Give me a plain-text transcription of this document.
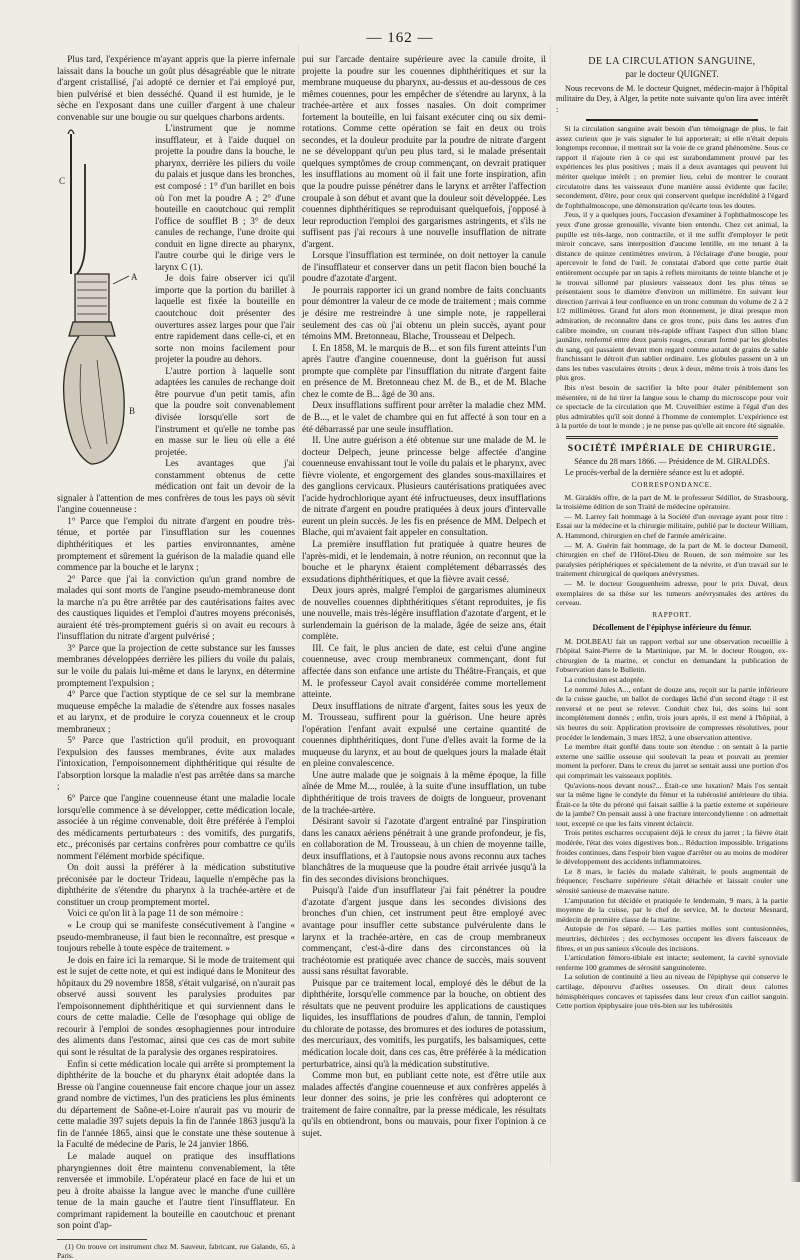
— 162 —

Plus tard, l'expérience m'ayant appris que la pierre infernale laissait dans la bouche un goût plus désagréable que le nitrate d'argent cristallisé, j'ai adopté ce dernier et l'ai employé pur, bien pulvérisé et bien desséché. Quand il est humide, je le sèche en l'exposant dans une cuiller d'argent à une chaleur convenable sur une bougie ou sur quelques charbons ardents.

A
B
C

L'instrument que je nomme insufflateur, et à l'aide duquel on projette la poudre dans la bouche, le pharynx, derrière les piliers du voile du palais et jusque dans les bronches, est composé : 1° d'un barillet en bois où l'on met la poudre A ; 2° d'une bouteille en caoutchouc qui remplit l'office de soufflet B ; 3° de deux canules de rechange, l'une droite qui conduit en ligne directe au pharynx, l'autre courbe qui le dirige vers le larynx C (1).

Je dois faire observer ici qu'il importe que la portion du barillet à laquelle est fixée la bouteille en caoutchouc doit présenter des ouvertures assez larges pour que l'air entre rapidement dans celle-ci, et en sorte non moins facilement pour projeter la poudre au dehors.

L'autre portion à laquelle sont adaptées les canules de rechange doit être pourvue d'un petit tamis, afin que la poudre soit convenablement divisée lorsqu'elle sort de l'instrument et qu'elle ne tombe pas en masse sur le lieu où elle a été projetée.

Les avantages que j'ai constamment obtenus de cette médication ont fait un devoir de la signaler à l'attention de mes confrères de tous les pays où sévit l'angine couenneuse :

1° Parce que l'emploi du nitrate d'argent en poudre très-ténue, et portée par l'insufflation sur les couennes diphthéritiques et les parties environnantes, amène promptement et sûrement la guérison de la maladie quand elle commence par la bouche et le larynx ;

2° Parce que j'ai la conviction qu'un grand nombre de malades qui sont morts de l'angine pseudo-membraneuse dont la marche n'a pu être arrêtée par des cautérisations faites avec des caustiques liquides et l'emploi d'autres moyens préconisés, auraient été très-promptement guéris si on avait eu recours à l'insufflation du nitrate d'argent pulvérisé ;

3° Parce que la projection de cette substance sur les fausses membranes développées derrière les piliers du voile du palais, sur le voile du palais lui-même et dans le larynx, en détermine promptement l'expulsion ;

4° Parce que l'action styptique de ce sel sur la membrane muqueuse empêche la maladie de s'étendre aux fosses nasales et au larynx, et de produire le coryza couenneux et le croup membraneux ;

5° Parce que l'astriction qu'il produit, en provoquant l'expulsion des fausses membranes, évite aux malades l'intoxication, l'empoisonnement diphthéritique qui résulte de l'absorption lorsque la maladie n'est pas arrêtée dans sa marche ;

6° Parce que l'angine couenneuse étant une maladie locale lorsqu'elle commence à se développer, cette médication locale, associée à un régime convenable, doit être préférée à l'emploi des médicaments perturbateurs : des vomitifs, des purgatifs, etc., préconisés par certains confrères pour combattre ce qu'ils nomment l'élément morbide spécifique.

On doit aussi la préférer à la médication substitutive préconisée par le docteur Trideau, laquelle n'empêche pas la diphthérite de s'étendre du pharynx à la trachée-artère et de constituer un croup promptement mortel.

Voici ce qu'on lit à la page 11 de son mémoire :

« Le croup qui se manifeste consécutivement à l'angine « pseudo-membraneuse, il faut bien le reconnaître, est presque « toujours rebelle à toute espèce de traitement. »

Je dois en faire ici la remarque. Si le mode de traitement qui est le sujet de cette note, et qui est indiqué dans le Moniteur des hôpitaux du 29 novembre 1858, s'était vulgarisé, on n'aurait pas observé aussi souvent les paralysies produites par l'empoisonnement diphthéritique et qui surviennent dans le cours de cette maladie. Celle de l'œsophage qui oblige de recourir à l'emploi de sondes œsophagiennes pour introduire des aliments dans l'estomac, ainsi que ces cas de mort subite qui sont le résultat de la paralysie des organes respiratoires.

Enfin si cette médication locale qui arrête si promptement la diphthérite de la bouche et du pharynx était adoptée dans la Bresse où l'angine couenneuse fait encore chaque jour un assez grand nombre de victimes, l'un des praticiens les plus éminents du département de Saône-et-Loire n'aurait pas vu mourir de cette maladie 397 sujets depuis la fin de l'année 1863 jusqu'à la fin de l'année 1865, ainsi que le constate une thèse soutenue à la Faculté de médecine de Paris, le 24 janvier 1866.

Le malade auquel on pratique des insufflations pharyngiennes doit être maintenu convenablement, la tête renversée et immobile. L'opérateur placé en face de lui et un peu à droite abaisse la langue avec le manche d'une cuillère tenue de la main gauche et l'autre tient l'insufflateur. En comprimant rapidement la bouteille en caoutchouc et prenant son point d'ap-

(1) On trouve cet instrument chez M. Sauveur, fabricant, rue Galande, 65, à Paris.

pui sur l'arcade dentaire supérieure avec la canule droite, il projette la poudre sur les couennes diphthéritiques et sur la membrane muqueuse du pharynx, au-dessus et au-dessous de ces mêmes couennes, pour les empêcher de s'étendre au larynx, à la trachée-artère et aux fosses nasales. On doit comprimer fortement la bouteille, en lui faisant exécuter cinq ou six demi-rotations. Comme cette opération se fait en deux ou trois secondes, et la douleur produite par la poudre de nitrate d'argent ne se développant qu'un peu plus tard, si le malade présentait quelques symptômes de croup commençant, on devrait pratiquer les insufflations au moment où il fait une forte inspiration, afin que la poudre puisse pénétrer dans le larynx et arrêter l'affection croupale à son début et avant que la douleur soit développée. Les couennes diphthéritiques se reproduisant quelquefois, j'opposé à leur reproduction l'emploi des gargarismes astringents, et s'ils ne suffisent pas j'ai recours à une nouvelle insufflation de nitrate d'argent.

Lorsque l'insufflation est terminée, on doit nettoyer la canule de l'insufflateur et conserver dans un petit flacon bien bouché la poudre d'azotate d'argent.

Je pourrais rapporter ici un grand nombre de faits concluants pour démontrer la valeur de ce mode de traitement ; mais comme je désire me restreindre à une simple note, je rappellerai seulement des cas où j'ai obtenu un plein succès, ayant pour témoins MM. Bretonneau, Blache, Trousseau et Delpech.

I. En 1858, M. le marquis de B... et son fils furent atteints l'un après l'autre d'angine couenneuse, dont la guérison fut aussi prompte que complète par l'insufflation du nitrate d'argent faite en présence de M. Bretonneau chez M. de B., et de M. Blache chez le comte de B... âgé de 30 ans.

Deux insufflations suffirent pour arrêter la maladie chez MM. de B..., et le valet de chambre qui en fut affecté à son tour en a été débarrassé par une seule insufflation.

II. Une autre guérison a été obtenue sur une malade de M. le docteur Delpech, jeune princesse belge affectée d'angine couenneuse envahissant tout le voile du palais et le pharynx, avec fièvre violente, et engorgement des glandes sous-maxillaires et des ganglions cervicaux. Plusieurs cautérisations pratiquées avec l'acide hydrochlorique ayant été infructueuses, deux insufflations de nitrate d'argent en poudre pratiquées à deux jours d'intervalle eurent un plein succès. Je les fis en présence de MM. Delpech et Blache, qui m'avaient fait appeler en consultation.

La première insufflation fut pratiquée à quatre heures de l'après-midi, et le lendemain, à notre réunion, on reconnut que la bouche et le pharynx étaient complétement débarrassés des exsudations diphthéritiques, et que la fièvre avait cessé.

Deux jours après, malgré l'emploi de gargarismes alumineux de nouvelles couennes diphthéritiques s'étant reproduites, je fis une nouvelle, mais très-légère insufflation d'azotate d'argent, et le surlendemain la guérison de la malade, âgée de seize ans, était complète.

III. Ce fait, le plus ancien de date, est celui d'une angine couenneuse, avec croup membraneux commençant, dont fut affectée dans son enfance une artiste du Théâtre-Français, et que M. le professeur Cayol avait considérée comme mortellement atteinte.

Deux insufflations de nitrate d'argent, faites sous les yeux de M. Trousseau, suffirent pour la guérison. Une heure après l'opération l'enfant avait expulsé une certaine quantité de couennes diphthéritiques, dont l'une d'elles avait la forme de la muqueuse du larynx, et au bout de quelques jours la malade était en pleine convalescence.

Une autre malade que je soignais à la même époque, la fille aînée de Mme M..., roulée, à la suite d'une insufflation, un tube diphthéritique de trois travers de doigts de longueur, provenant de la trachée-artère.

Désirant savoir si l'azotate d'argent entraîné par l'inspiration dans les canaux aériens pénétrait à une grande profondeur, je fis, en collaboration de M. Trousseau, à un chien de moyenne taille, deux insufflations, et à l'autopsie nous avons reconnu aux taches blanchâtres de la muqueuse que la poudre était arrivée jusqu'à la fin des secondes divisions bronchiques.

Puisqu'à l'aide d'un insufflateur j'ai fait pénétrer la poudre d'azotate d'argent jusque dans les secondes divisions des bronches d'un chien, cet instrument peut être employé avec avantage pour insuffler cette substance pulvérulente dans le larynx et la trachée-artère, en cas de croup membraneux commençant, c'est-à-dire dans des circonstances où la trachéotomie est pratiquée avec chance de succès, mais souvent aussi sans résultat favorable.

Puisque par ce traitement local, employé dès le début de la diphthérite, lorsqu'elle commence par la bouche, on obtient des résultats que ne peuvent produire les applications de caustiques liquides, les insufflations de poudres d'alun, de tannin, l'emploi du chlorate de potasse, des bromures et des iodures de potassium, des mercuriaux, des vomitifs, les purgatifs, les balsamiques, cette médication locale doit, dans ces cas, être préférée à la médication perturbatrice, ainsi qu'à la médication substitutive.

Comme mon but, en publiant cette note, est d'être utile aux malades affectés d'angine couenneuse et aux confrères appelés à leur donner des soins, je prie les confrères qui adopteront ce traitement de faire connaître, par la presse médicale, les résultats qu'ils en obtiendront, bons ou mauvais, pour fixer l'opinion à ce sujet.

DE LA CIRCULATION SANGUINE,
par le docteur QUIGNET.

Nous recevons de M. le docteur Quignet, médecin-major à l'hôpital militaire du Dey, à Alger, la petite note suivante qu'on lira avec intérêt :

Si la circulation sanguine avait besoin d'un témoignage de plus, le fait assez curieux que je vais signaler le lui apporterait; si elle n'était depuis longtemps reconnue, il mettrait sur la voie de ce grand phénomène. Sous ce rapport il n'ajoute rien à ce qui est surabondamment prouvé par les expériences les plus positives ; mais il a deux avantages qui peuvent lui mériter quelque intérêt ; en premier lieu, celui de montrer le courant circulatoire dans les vaisseaux d'une manière aussi évidente que facile; secondement, d'être, pour ceux qui conservent quelque incrédulité à l'égard de l'ophthalmoscope, une démonstration qu'écarte tous les doutes.

J'eus, il y a quelques jours, l'occasion d'examiner à l'ophthalmoscope les yeux d'une grosse grenouille, vivante bien entendu. Chez cet animal, la pupille est très-large, non contractile, et il me suffit d'employer le petit miroir concave, sans interposition d'aucune lentille, en me tenant à la distance de quinze centimètres environ, à l'éclairage d'une bougie, pour apercevoir le fond de l'œil. Je constatai d'abord que cette partie était entièrement occupée par un tapis à reflets miroitants de teinte blanche et je le trouvai sillonné par plusieurs vaisseaux dont les plus ténus se présentaient sous le diamètre d'environ un millimètre. En suivant leur direction j'arrivai à leur confluence en un tronc commun du volume de 2 à 2 1/2 millimètres. Grand fut alors mon étonnement, je dirai presque mon admiration, de reconnaître dans ce gros tronc, puis dans les autres d'un calibre moindre, un courant très-rapide offrant l'aspect d'un sillon blanc jaunâtre, renfermé entre deux parois rouges, courant formé par les globules du sang, qui passaient devant mon regard comme autant de grains de sable franchissant le détroit d'un sablier ordinaire. Les globules passent un à un dans les tubes vasculaires étroits ; deux à deux, même trois à trois dans les plus gros.

Ibis n'est besoin de sacrifier la bête pour étaler péniblement son mésentère, ni de lui tirer la langue sous le champ du microscope pour voir ce spectacle de la circulation que M. Cruveilhier estime à l'égal d'un des plus admirables qu'il soit donné à l'homme de contempler. L'expérience est à la portée de tout le monde ; je ne pense pas qu'elle ait encore été signalée.

SOCIÉTÉ IMPÉRIALE DE CHIRURGIE.

Séance du 28 mars 1866. — Présidence de M. GIRALDÈS.

Le procès-verbal de la dernière séance est lu et adopté.

CORRESPONDANCE.

M. Giraldès offre, de la part de M. le professeur Sédillot, de Strasbourg, la troisième édition de son Traité de médecine opératoire.

— M. Larrey fait hommage à la Société d'un ouvrage ayant pour titre : Essai sur la médecine et la chirurgie militaire, publié par le docteur William, A. Hammond, chirurgien en chef de l'armée américaine.

— M. A. Guérin fait hommage, de la part de M. le docteur Dumenil, chirurgien en chef de l'Hôtel-Dieu de Rouen, de son mémoire sur les paralysies périphériques et spécialement de la névrite, et d'un travail sur le traitement chirurgical de quelques anévrysmes.

— M. le docteur Gouguenheim adresse, pour le prix Duval, deux exemplaires de sa thèse sur les tumeurs anévrysmales des artères du cerveau.

RAPPORT.
Décollement de l'épiphyse inférieure du fémur.

M. DOLBEAU fait un rapport verbal sur une observation recueillie à l'hôpital Saint-Pierre de la Martinique, par M. le docteur Rougon, ex-chirurgien de la marine, et conclut en demandant la publication de l'observation dans le Bulletin.

La conclusion est adoptée.

Le nommé Jules A..., enfant de douze ans, reçoit sur la partie inférieure de la cuisse gauche, un ballot de cordages lâché d'un second étage : il est renversé et ne peut se relever. Conduit chez lui, des soins lui sont incomplètement donnés ; enfin, trois jours après, il est mené à l'hôpital, à six heures du soir. Application provisoire de compresses résolutives, pour procéder le lendemain, 3 mars 1852, à une observation attentive.

Le membre était gonflé dans toute son étendue : on sentait à la partie externe une saillie osseuse qui soulevait la peau et pouvait au premier moment la perforer. Dans le creux du jarret se sentait aussi une portion d'os qui comprimait les vaisseaux poplités.

Qu'avions-nous devant nous?... Était-ce une luxation? Mais l'os sentait sur la même ligne le condyle du fémur et la tubérosité antérieure du tibia. Était-ce la tête du péroné qui faisait saillie à la partie externe et supérieure de la jambe? On pensait aussi à une fracture intercondylienne : on admettait tout, excepté ce que les faits vinrent éclaircir.

Trois petites escharres occupaient déjà le creux du jarret ; la fièvre était modérée, l'état des voies digestives bon... Réduction impossible. Irrigations froides continues, dans l'espoir bien vague d'arrêter ou au moins de modérer le développement des accidents inflammatoires.

Le 8 mars, le faciès du malade s'altérait, le pouls augmentait de fréquence; l'escharre supérieure s'était détachée et laissait couler une sérosité sanieuse de mauvaise nature.

L'amputation fut décidée et pratiquée le lendemain, 9 mars, à la partie moyenne de la cuisse, par le chef de service, M. le docteur Mesnard, médecin de première classe de la marine.

Autopsie de l'os séparé. — Les parties molles sont contusionnées, meurtries, déchirées ; des ecchymoses occupent les divers faisceaux de fibres, et un pus sanieux s'écoule des incisions.

L'articulation fémoro-tibiale est intacte; seulement, la cavité synoviale renferme 100 grammes de sérosité sanguinolente.

La solution de continuité a lieu au niveau de l'épiphyse qui conserve le cartilage, dépourvu d'arêtes osseuses. On dirait deux calottes hémisphériques concaves et tapissées dans leur creux d'un caillot sanguin. Cette portion épiphysaire joue très-bien sur les tubérosités
